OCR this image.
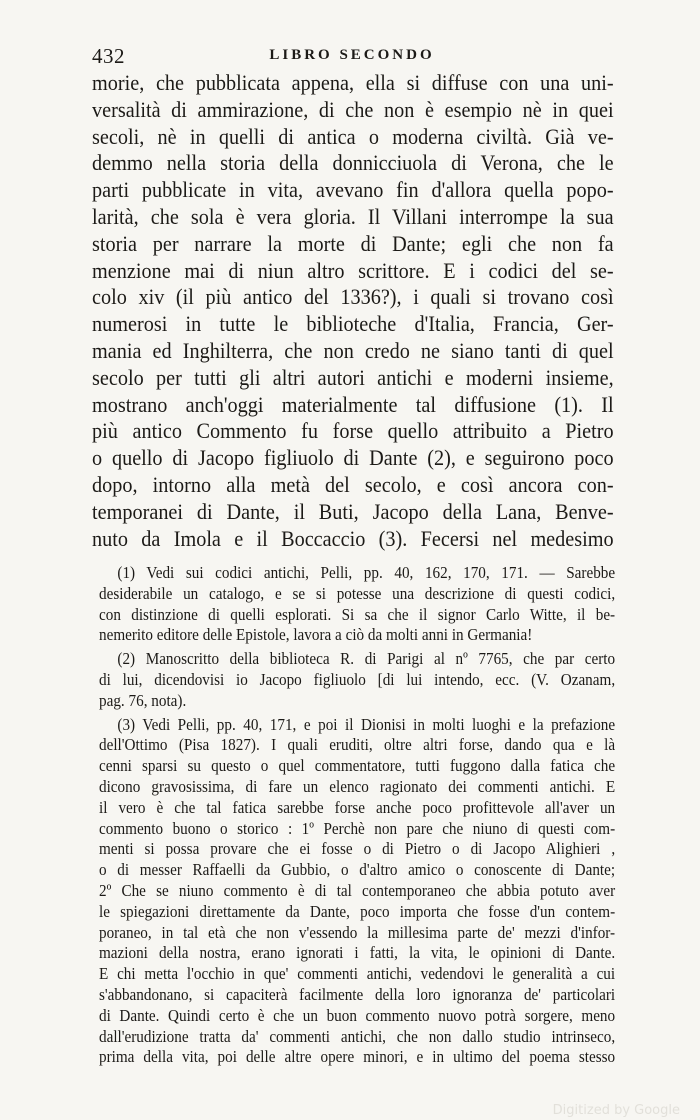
432	LIBRO SECONDO
morie, che pubblicata appena, ella si diffuse con una uni-
versalità di ammirazione, di che non è esempio nè in quei
secoli, nè in quelli di antica o moderna civiltà. Già ve-
demmo nella storia della donnicciuola di Verona, che le
parti pubblicate in vita, avevano fin d'allora quella popo-
larità, che sola è vera gloria. Il Villani interrompe la sua
storia per narrare la morte di Dante; egli che non fa
menzione mai di niun altro scrittore. E i codici del se-
colo xiv (il più antico del 1336?), i quali si trovano così
numerosi in tutte le biblioteche d'Italia, Francia, Ger-
mania ed Inghilterra, che non credo ne siano tanti di quel
secolo per tutti gli altri autori antichi e moderni insieme,
mostrano anch'oggi materialmente tal diffusione (1). Il
più antico Commento fu forse quello attribuito a Pietro
o quello di Jacopo figliuolo di Dante (2), e seguirono poco
dopo, intorno alla metà del secolo, e così ancora con-
temporanei di Dante, il Buti, Jacopo della Lana, Benve-
nuto da Imola e il Boccaccio (3). Fecersi nel medesimo
(1) Vedi sui codici antichi, Pelli, pp. 40, 162, 170, 171. — Sarebbe
desiderabile un catalogo, e se si potesse una descrizione di questi codici,
con distinzione di quelli esplorati. Si sa che il signor Carlo Witte, il be-
nemerito editore delle Epistole, lavora a ciò da molti anni in Germania!
(2) Manoscritto della biblioteca R. di Parigi al nº 7765, che par certo
di lui, dicendovisi io Jacopo figliuolo [di lui intendo, ecc. (V. Ozanam,
pag. 76, nota).
(3) Vedi Pelli, pp. 40, 171, e poi il Dionisi in molti luoghi e la prefazione
dell'Ottimo (Pisa 1827). I quali eruditi, oltre altri forse, dando qua e là
cenni sparsi su questo o quel commentatore, tutti fuggono dalla fatica che
dicono gravosissima, di fare un elenco ragionato dei commenti antichi. E
il vero è che tal fatica sarebbe forse anche poco profittevole all'aver un
commento buono o storico : 1º Perchè non pare che niuno di questi com-
menti si possa provare che ei fosse o di Pietro o di Jacopo Alighieri ,
o di messer Raffaelli da Gubbio, o d'altro amico o conoscente di Dante;
2º Che se niuno commento è di tal contemporaneo che abbia potuto aver
le spiegazioni direttamente da Dante, poco importa che fosse d'un contem-
poraneo, in tal età che non v'essendo la millesima parte de' mezzi d'infor-
mazioni della nostra, erano ignorati i fatti, la vita, le opinioni di Dante.
E chi metta l'occhio in que' commenti antichi, vedendovi le generalità a cui
s'abbandonano, si capaciterà facilmente della loro ignoranza de' particolari
di Dante. Quindi certo è che un buon commento nuovo potrà sorgere, meno
dall'erudizione tratta da' commenti antichi, che non dallo studio intrinseco,
prima della vita, poi delle altre opere minori, e in ultimo del poema stesso
Digitized by Google
